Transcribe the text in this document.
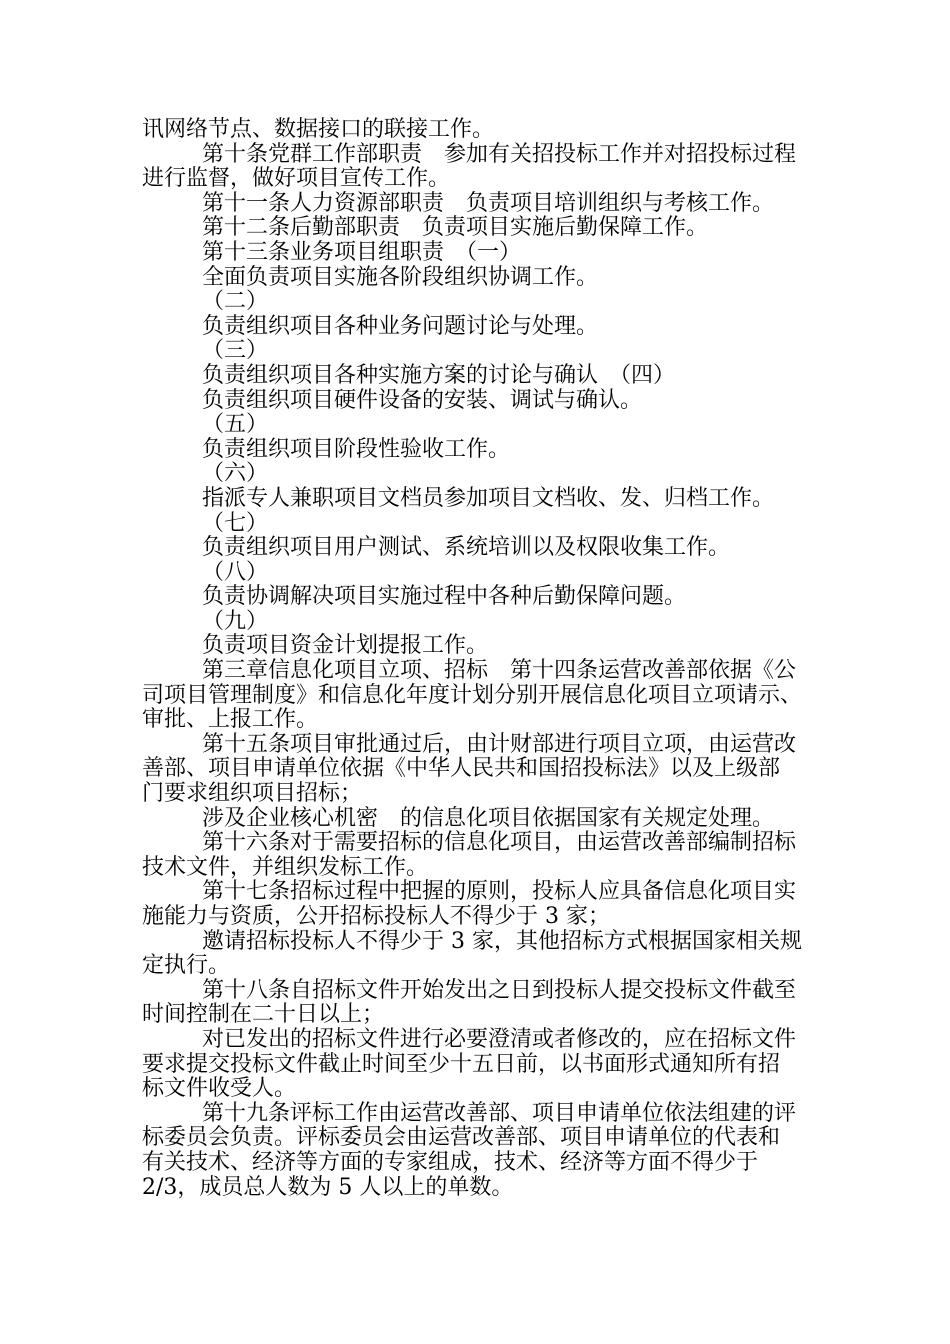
讯网络节点、数据接口的联接工作。
第十条党群工作部职责　参加有关招投标工作并对招投标过程
进行监督，做好项目宣传工作。
第十一条人力资源部职责　负责项目培训组织与考核工作。
第十二条后勤部职责　负责项目实施后勤保障工作。
第十三条业务项目组职责　（一）
全面负责项目实施各阶段组织协调工作。
（二）
负责组织项目各种业务问题讨论与处理。
（三）
负责组织项目各种实施方案的讨论与确认　（四）
负责组织项目硬件设备的安装、调试与确认。
（五）
负责组织项目阶段性验收工作。
（六）
指派专人兼职项目文档员参加项目文档收、发、归档工作。
（七）
负责组织项目用户测试、系统培训以及权限收集工作。
（八）
负责协调解决项目实施过程中各种后勤保障问题。
（九）
负责项目资金计划提报工作。
第三章信息化项目立项、招标　第十四条运营改善部依据《公
司项目管理制度》和信息化年度计划分别开展信息化项目立项请示、
审批、上报工作。
第十五条项目审批通过后，由计财部进行项目立项，由运营改
善部、项目申请单位依据《中华人民共和国招投标法》以及上级部
门要求组织项目招标；
涉及企业核心机密　的信息化项目依据国家有关规定处理。
第十六条对于需要招标的信息化项目，由运营改善部编制招标
技术文件，并组织发标工作。
第十七条招标过程中把握的原则，投标人应具备信息化项目实
施能力与资质，公开招标投标人不得少于 3 家；
邀请招标投标人不得少于 3 家，其他招标方式根据国家相关规
定执行。
第十八条自招标文件开始发出之日到投标人提交投标文件截至
时间控制在二十日以上；
对已发出的招标文件进行必要澄清或者修改的，应在招标文件
要求提交投标文件截止时间至少十五日前，以书面形式通知所有招
标文件收受人。
第十九条评标工作由运营改善部、项目申请单位依法组建的评
标委员会负责。评标委员会由运营改善部、项目申请单位的代表和
有关技术、经济等方面的专家组成，技术、经济等方面不得少于
2/3，成员总人数为 5 人以上的单数。
